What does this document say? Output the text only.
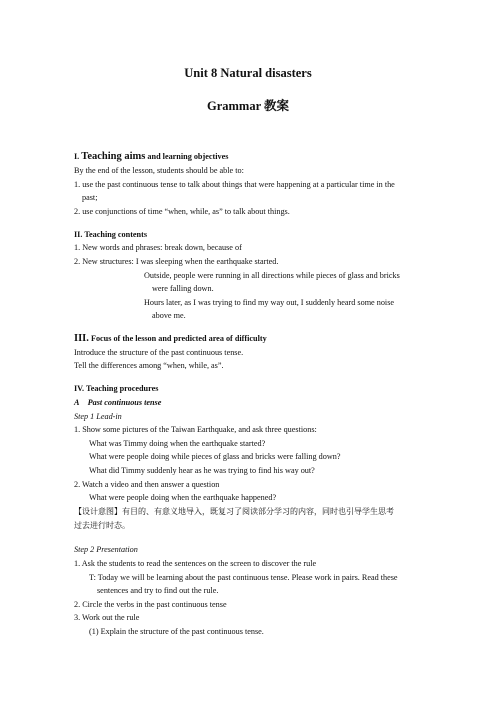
Unit 8 Natural disasters
Grammar 教案
I. Teaching aims and learning objectives
By the end of the lesson, students should be able to:
1. use the past continuous tense to talk about things that were happening at a particular time in the
past;
2. use conjunctions of time “when, while, as” to talk about things.
II. Teaching contents
1. New words and phrases: break down, because of
2. New structures: I was sleeping when the earthquake started.
Outside, people were running in all directions while pieces of glass and bricks
were falling down.
Hours later, as I was trying to find my way out, I suddenly heard some noise
above me.
III. Focus of the lesson and predicted area of difficulty
Introduce the structure of the past continuous tense.
Tell the differences among “when, while, as”.
IV. Teaching procedures
A    Past continuous tense
Step 1 Lead-in
1. Show some pictures of the Taiwan Earthquake, and ask three questions:
What was Timmy doing when the earthquake started?
What were people doing while pieces of glass and bricks were falling down?
What did Timmy suddenly hear as he was trying to find his way out?
2. Watch a video and then answer a question
What were people doing when the earthquake happened?
【设计意图】有目的、有意义地导入，既复习了阅读部分学习的内容，同时也引导学生思考
过去进行时态。
Step 2 Presentation
1. Ask the students to read the sentences on the screen to discover the rule
T: Today we will be learning about the past continuous tense. Please work in pairs. Read these
sentences and try to find out the rule.
2. Circle the verbs in the past continuous tense
3. Work out the rule
(1) Explain the structure of the past continuous tense.
